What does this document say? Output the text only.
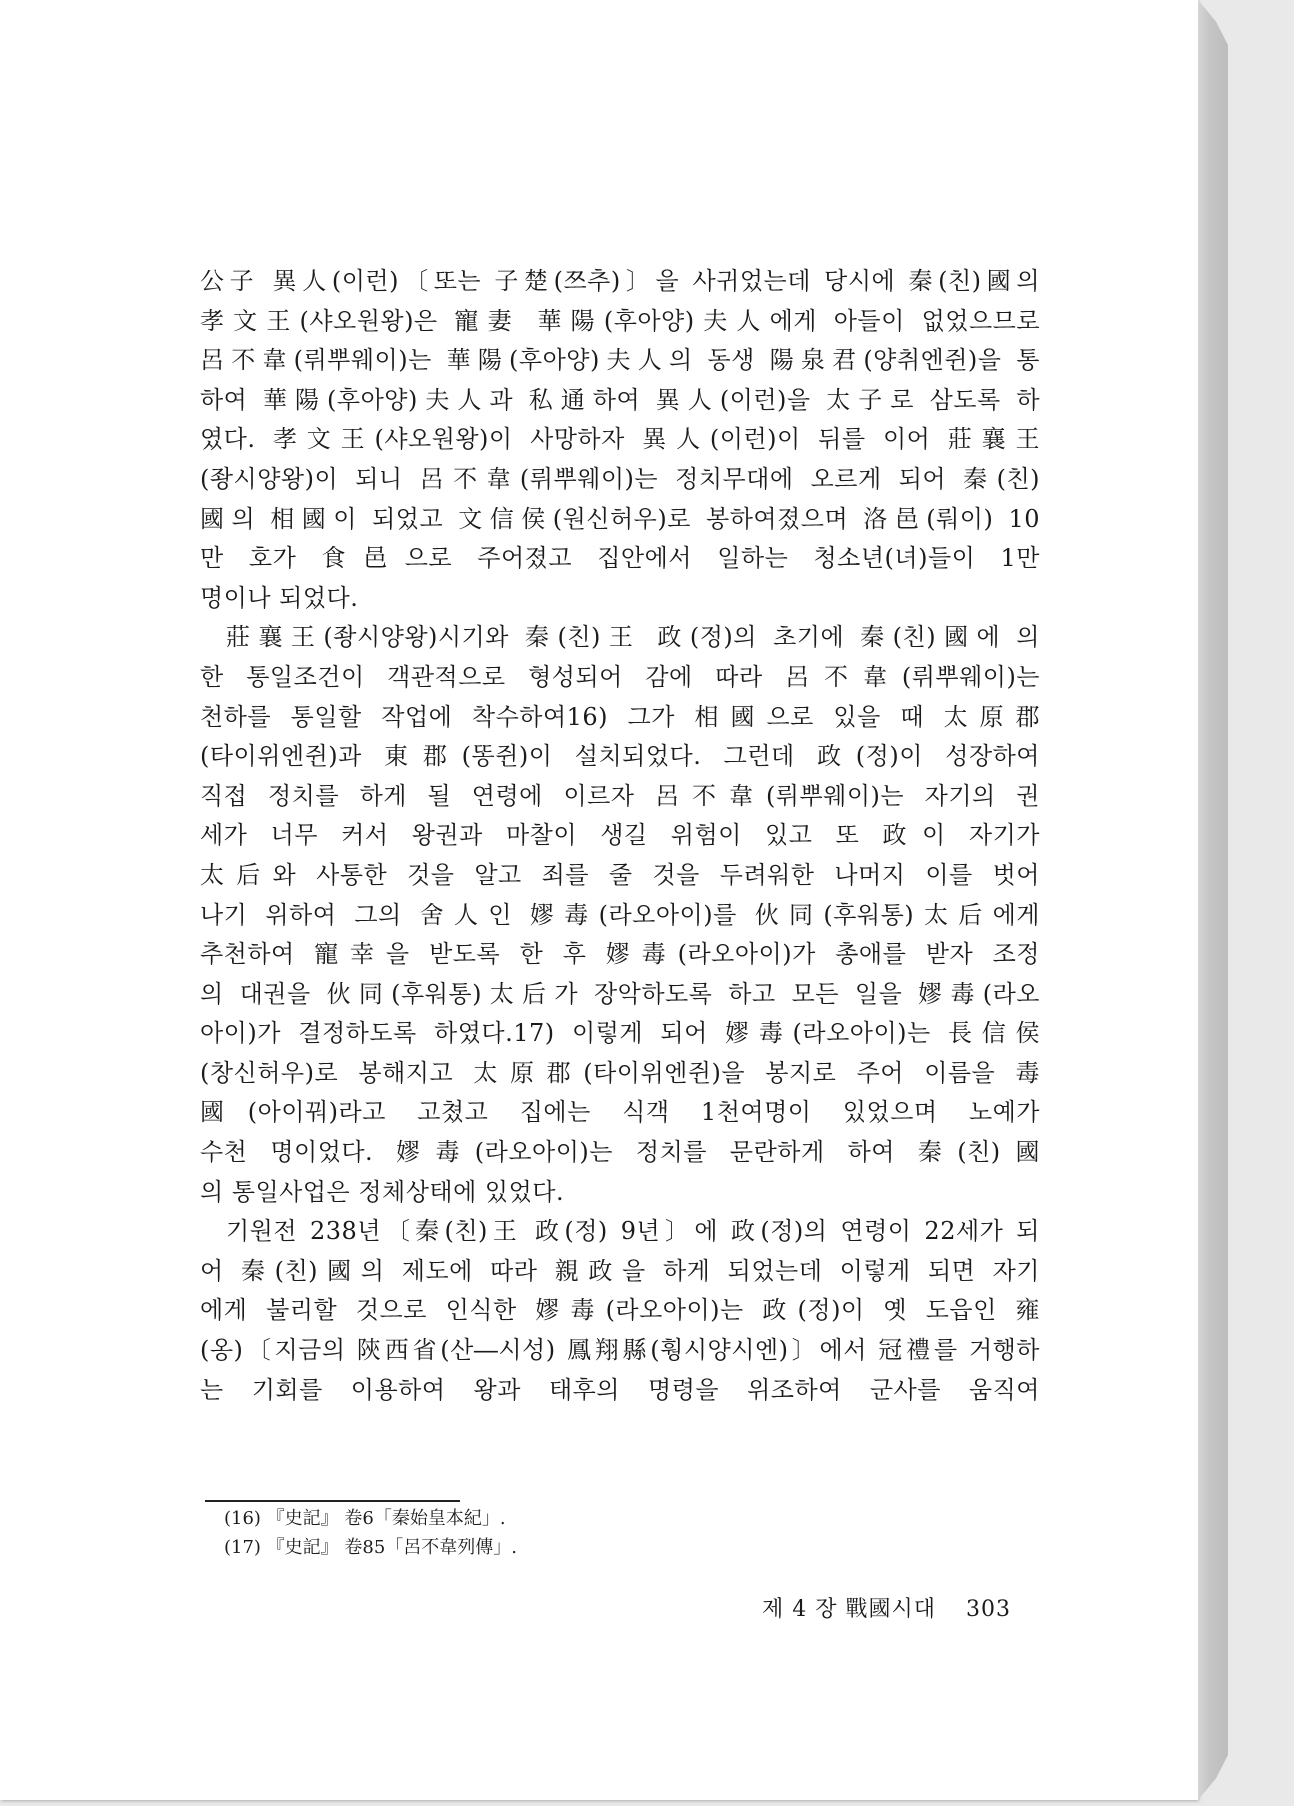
公子 異人(이런)〔또는 子楚(쯔추)〕을 사귀었는데 당시에 秦(친)國의
孝文王(샤오원왕)은 寵妻 華陽(후아양)夫人에게 아들이 없었으므로
呂不韋(뤼뿌웨이)는 華陽(후아양)夫人의 동생 陽泉君(양취엔쥔)을 통
하여 華陽(후아양)夫人과 私通하여 異人(이런)을 太子로 삼도록 하
였다. 孝文王(샤오원왕)이 사망하자 異人(이런)이 뒤를 이어 莊襄王
(좡시양왕)이 되니 呂不韋(뤼뿌웨이)는 정치무대에 오르게 되어 秦(친)
國의 相國이 되었고 文信侯(원신허우)로 봉하여졌으며 洛邑(뤄이) 10
만 호가 食邑으로 주어졌고 집안에서 일하는 청소년(녀)들이 1만
명이나 되었다.
莊襄王(좡시양왕)시기와 秦(친)王 政(정)의 초기에 秦(친)國에 의
한 통일조건이 객관적으로 형성되어 감에 따라 呂不韋(뤼뿌웨이)는
천하를 통일할 작업에 착수하여16) 그가 相國으로 있을 때 太原郡
(타이위엔쥔)과 東郡(똥쥔)이 설치되었다. 그런데 政(정)이 성장하여
직접 정치를 하게 될 연령에 이르자 呂不韋(뤼뿌웨이)는 자기의 권
세가 너무 커서 왕권과 마찰이 생길 위험이 있고 또 政이 자기가
太后와 사통한 것을 알고 죄를 줄 것을 두려워한 나머지 이를 벗어
나기 위하여 그의 舍人인 嫪毒(라오아이)를 伙同(후워통)太后에게
추천하여 寵幸을 받도록 한 후 嫪毒(라오아이)가 총애를 받자 조정
의 대권을 伙同(후워통)太后가 장악하도록 하고 모든 일을 嫪毒(라오
아이)가 결정하도록 하였다.17) 이렇게 되어 嫪毒(라오아이)는 長信侯
(창신허우)로 봉해지고 太原郡(타이위엔쥔)을 봉지로 주어 이름을 毒
國(아이꿔)라고 고쳤고 집에는 식객 1천여명이 있었으며 노예가
수천 명이었다. 嫪毒(라오아이)는 정치를 문란하게 하여 秦(친)國
의 통일사업은 정체상태에 있었다.
기원전 238년〔秦(친)王 政(정) 9년〕에 政(정)의 연령이 22세가 되
어 秦(친)國의 제도에 따라 親政을 하게 되었는데 이렇게 되면 자기
에게 불리할 것으로 인식한 嫪毒(라오아이)는 政(정)이 옛 도읍인 雍
(옹)〔지금의 陝西省(산―시성) 鳳翔縣(훵시양시엔)〕에서 冠禮를 거행하
는 기회를 이용하여 왕과 태후의 명령을 위조하여 군사를 움직여
(16) 『史記』 卷6「秦始皇本紀」.
(17) 『史記』 卷85「呂不韋列傳」.
제 4 장 戰國시대 303
